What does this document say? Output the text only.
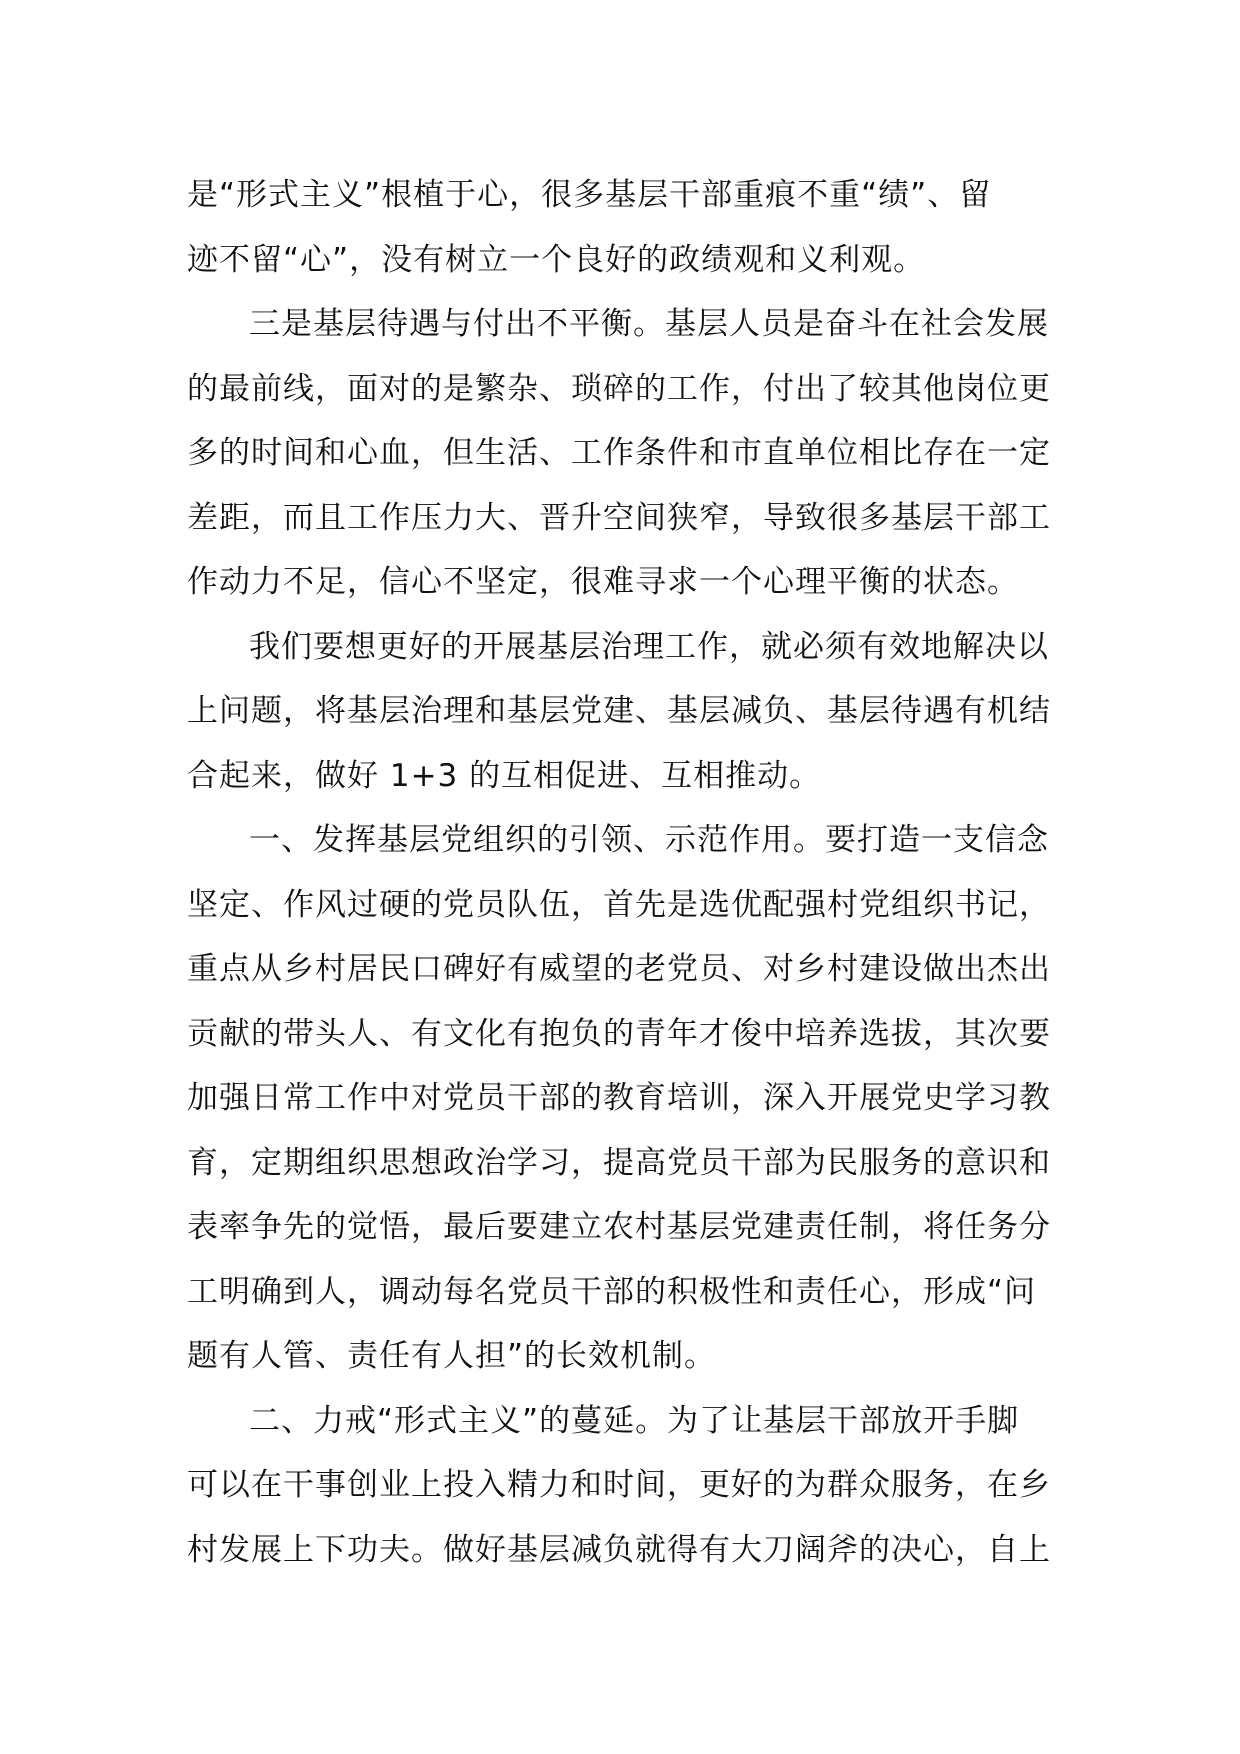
是“形式主义”根植于心，很多基层干部重痕不重“绩”、留
迹不留“心”，没有树立一个良好的政绩观和义利观。
三是基层待遇与付出不平衡。基层人员是奋斗在社会发展
的最前线，面对的是繁杂、琐碎的工作，付出了较其他岗位更
多的时间和心血，但生活、工作条件和市直单位相比存在一定
差距，而且工作压力大、晋升空间狭窄，导致很多基层干部工
作动力不足，信心不坚定，很难寻求一个心理平衡的状态。
我们要想更好的开展基层治理工作，就必须有效地解决以
上问题，将基层治理和基层党建、基层减负、基层待遇有机结
合起来，做好 1+3 的互相促进、互相推动。
一、发挥基层党组织的引领、示范作用。要打造一支信念
坚定、作风过硬的党员队伍，首先是选优配强村党组织书记，
重点从乡村居民口碑好有威望的老党员、对乡村建设做出杰出
贡献的带头人、有文化有抱负的青年才俊中培养选拔，其次要
加强日常工作中对党员干部的教育培训，深入开展党史学习教
育，定期组织思想政治学习，提高党员干部为民服务的意识和
表率争先的觉悟，最后要建立农村基层党建责任制，将任务分
工明确到人，调动每名党员干部的积极性和责任心，形成“问
题有人管、责任有人担”的长效机制。
二、力戒“形式主义”的蔓延。为了让基层干部放开手脚
可以在干事创业上投入精力和时间，更好的为群众服务，在乡
村发展上下功夫。做好基层减负就得有大刀阔斧的决心，自上
